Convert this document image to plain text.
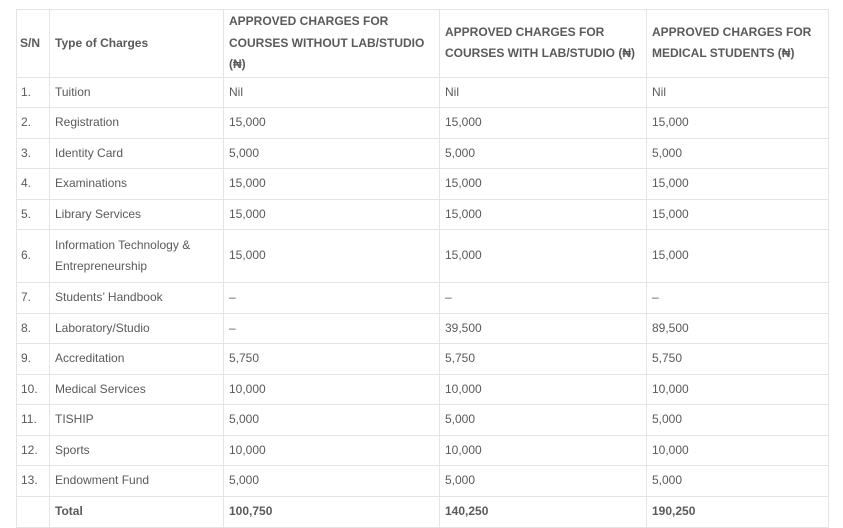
S/N	Type of Charges	APPROVED CHARGES FOR COURSES WITHOUT LAB/STUDIO (₦)	APPROVED CHARGES FOR COURSES WITH LAB/STUDIO (₦)	APPROVED CHARGES FOR MEDICAL STUDENTS (₦)
1.	Tuition	Nil	Nil	Nil
2.	Registration	15,000	15,000	15,000
3.	Identity Card	5,000	5,000	5,000
4.	Examinations	15,000	15,000	15,000
5.	Library Services	15,000	15,000	15,000
6.	Information Technology & Entrepreneurship	15,000	15,000	15,000
7.	Students’ Handbook	–	–	–
8.	Laboratory/Studio	–	39,500	89,500
9.	Accreditation	5,750	5,750	5,750
10.	Medical Services	10,000	10,000	10,000
11.	TISHIP	5,000	5,000	5,000
12.	Sports	10,000	10,000	10,000
13.	Endowment Fund	5,000	5,000	5,000
	Total	100,750	140,250	190,250
